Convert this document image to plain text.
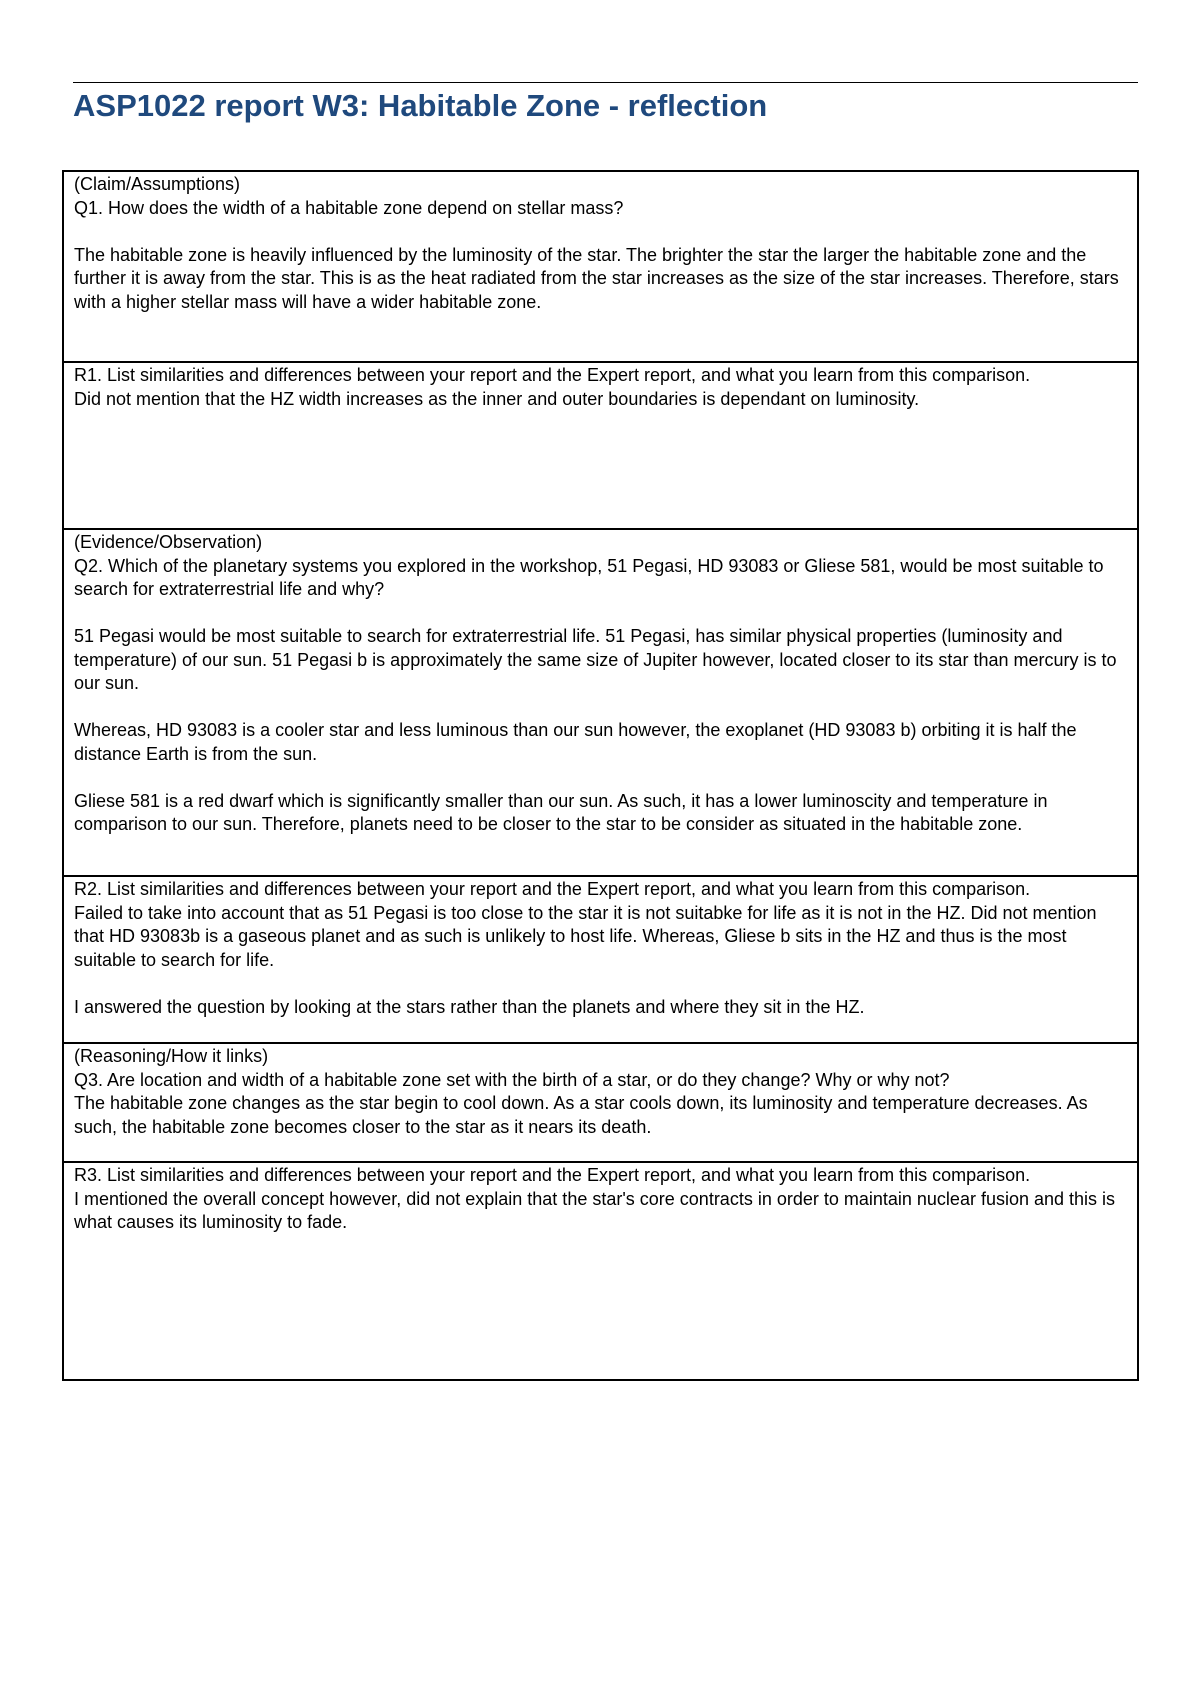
ASP1022 report W3: Habitable Zone - reflection
(Claim/Assumptions)
Q1. How does the width of a habitable zone depend on stellar mass?
The habitable zone is heavily influenced by the luminosity of the star. The brighter the star the larger the habitable zone and the further it is away from the star. This is as the heat radiated from the star increases as the size of the star increases. Therefore, stars with a higher stellar mass will have a wider habitable zone.

R1. List similarities and differences between your report and the Expert report, and what you learn from this comparison.
Did not mention that the HZ width increases as the inner and outer boundaries is dependant on luminosity.

(Evidence/Observation)
Q2. Which of the planetary systems you explored in the workshop, 51 Pegasi, HD 93083 or Gliese 581, would be most suitable to search for extraterrestrial life and why?
51 Pegasi would be most suitable to search for extraterrestrial life. 51 Pegasi, has similar physical properties (luminosity and temperature) of our sun. 51 Pegasi b is approximately the same size of Jupiter however, located closer to its star than mercury is to our sun.
Whereas, HD 93083 is a cooler star and less luminous than our sun however, the exoplanet (HD 93083 b) orbiting it is half the distance Earth is from the sun.
Gliese 581 is a red dwarf which is significantly smaller than our sun. As such, it has a lower luminoscity and temperature in comparison to our sun. Therefore, planets need to be closer to the star to be consider as situated in the habitable zone.

R2. List similarities and differences between your report and the Expert report, and what you learn from this comparison.
Failed to take into account that as 51 Pegasi is too close to the star it is not suitabke for life as it is not in the HZ. Did not mention that HD 93083b is a gaseous planet and as such is unlikely to host life. Whereas, Gliese b sits in the HZ and thus is the most suitable to search for life.
I answered the question by looking at the stars rather than the planets and where they sit in the HZ.

(Reasoning/How it links)
Q3. Are location and width of a habitable zone set with the birth of a star, or do they change? Why or why not?
The habitable zone changes as the star begin to cool down. As a star cools down, its luminosity and temperature decreases. As such, the habitable zone becomes closer to the star as it nears its death.

R3. List similarities and differences between your report and the Expert report, and what you learn from this comparison.
I mentioned the overall concept however, did not explain that the star's core contracts in order to maintain nuclear fusion and this is what causes its luminosity to fade.
